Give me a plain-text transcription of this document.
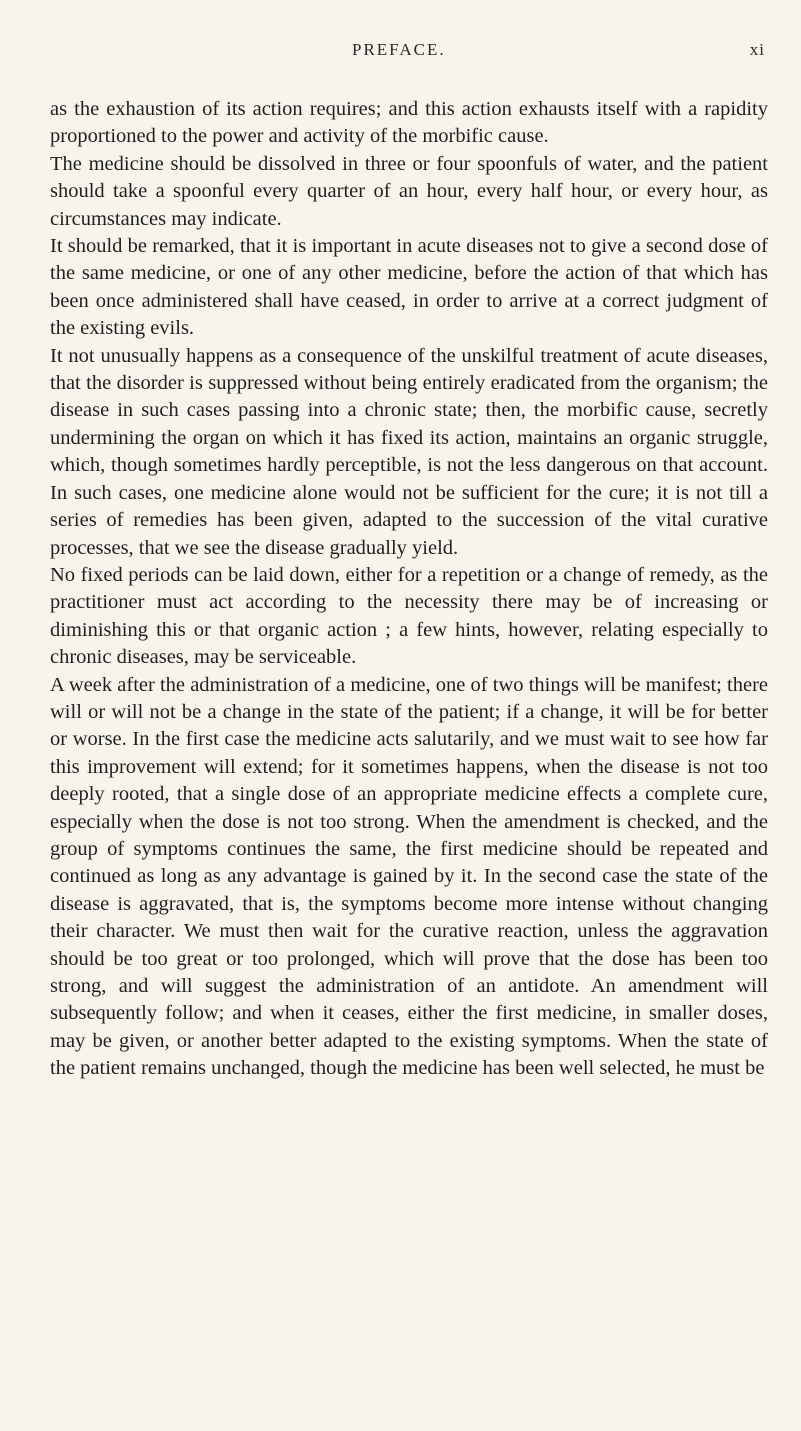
PREFACE.	xi

as the exhaustion of its action requires; and this action exhausts itself with a rapidity proportioned to the power and activity of the morbific cause.

The medicine should be dissolved in three or four spoonfuls of water, and the patient should take a spoonful every quarter of an hour, every half hour, or every hour, as circumstances may indicate.

It should be remarked, that it is important in acute diseases not to give a second dose of the same medicine, or one of any other medicine, before the action of that which has been once administered shall have ceased, in order to arrive at a correct judgment of the existing evils.

It not unusually happens as a consequence of the unskilful treatment of acute diseases, that the disorder is suppressed without being entirely eradicated from the organism; the disease in such cases passing into a chronic state; then, the morbific cause, secretly undermining the organ on which it has fixed its action, maintains an organic struggle, which, though sometimes hardly perceptible, is not the less dangerous on that account. In such cases, one medicine alone would not be sufficient for the cure; it is not till a series of remedies has been given, adapted to the succession of the vital curative processes, that we see the disease gradually yield.

No fixed periods can be laid down, either for a repetition or a change of remedy, as the practitioner must act according to the necessity there may be of increasing or diminishing this or that organic action ; a few hints, however, relating especially to chronic diseases, may be serviceable.

A week after the administration of a medicine, one of two things will be manifest; there will or will not be a change in the state of the patient; if a change, it will be for better or worse. In the first case the medicine acts salutarily, and we must wait to see how far this improvement will extend; for it sometimes happens, when the disease is not too deeply rooted, that a single dose of an appropriate medicine effects a complete cure, especially when the dose is not too strong. When the amendment is checked, and the group of symptoms continues the same, the first medicine should be repeated and continued as long as any advantage is gained by it. In the second case the state of the disease is aggravated, that is, the symptoms become more intense without changing their character. We must then wait for the curative reaction, unless the aggravation should be too great or too prolonged, which will prove that the dose has been too strong, and will suggest the administration of an antidote. An amendment will subsequently follow; and when it ceases, either the first medicine, in smaller doses, may be given, or another better adapted to the existing symptoms. When the state of the patient remains unchanged, though the medicine has been well selected, he must be
